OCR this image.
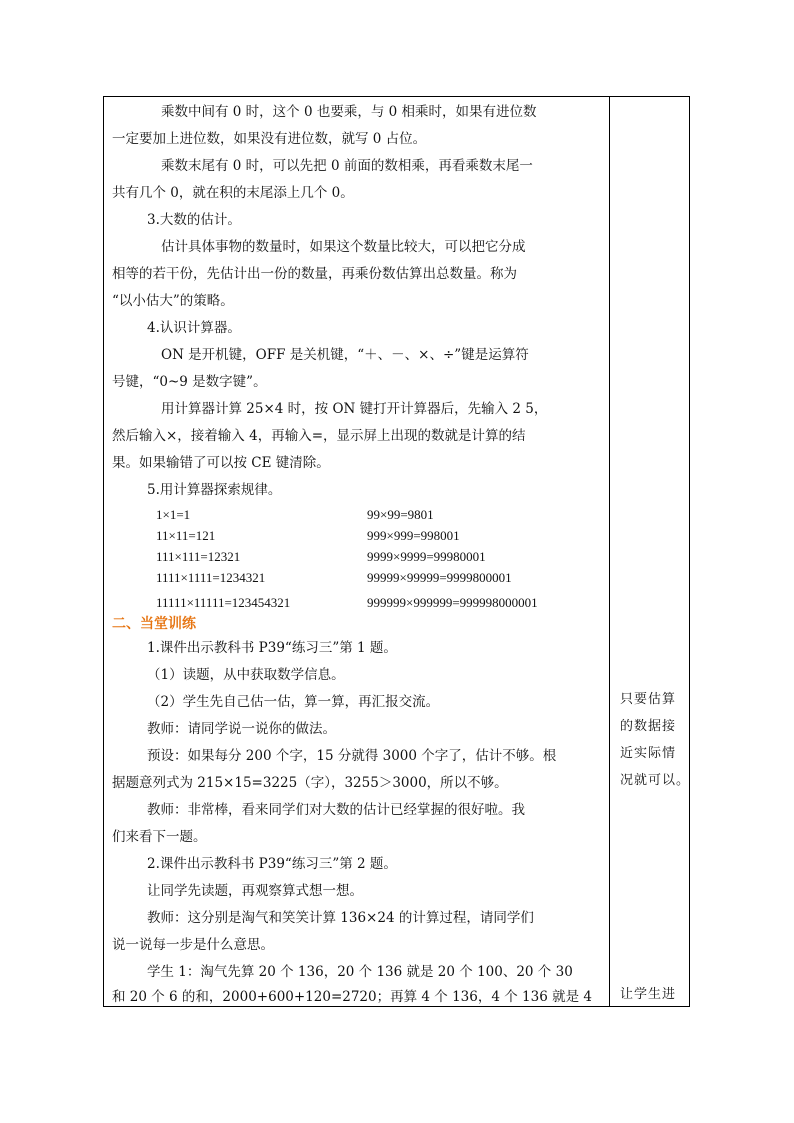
乘数中间有 0 时，这个 0 也要乘，与 0 相乘时，如果有进位数
一定要加上进位数，如果没有进位数，就写 0 占位。
乘数末尾有 0 时，可以先把 0 前面的数相乘，再看乘数末尾一
共有几个 0，就在积的末尾添上几个 0。
3.大数的估计。
估计具体事物的数量时，如果这个数量比较大，可以把它分成
相等的若干份，先估计出一份的数量，再乘份数估算出总数量。称为
“以小估大”的策略。
4.认识计算器。
ON 是开机键，OFF 是关机键，“＋、－、×、÷”键是运算符
号键，“0~9 是数字键”。
用计算器计算 25×4 时，按 ON 键打开计算器后，先输入 2 5，
然后输入×，接着输入 4，再输入=，显示屏上出现的数就是计算的结
果。如果输错了可以按 CE 键清除。
5.用计算器探索规律。
1.课件出示教科书 P39“练习三”第 1 题。
（1）读题，从中获取数学信息。
（2）学生先自己估一估，算一算，再汇报交流。
教师：请同学说一说你的做法。
预设：如果每分 200 个字，15 分就得 3000 个字了，估计不够。根
据题意列式为 215×15=3225（字），3255＞3000，所以不够。
教师：非常棒，看来同学们对大数的估计已经掌握的很好啦。我
们来看下一题。
2.课件出示教科书 P39“练习三”第 2 题。
让同学先读题，再观察算式想一想。
教师：这分别是淘气和笑笑计算 136×24 的计算过程，请同学们
说一说每一步是什么意思。
学生 1：淘气先算 20 个 136，20 个 136 就是 20 个 100、20 个 30
和 20 个 6 的和，2000+600+120=2720；再算 4 个 136，4 个 136 就是 4
1×1=1
11×11=121
111×111=12321
1111×1111=1234321
11111×11111=123454321
99×99=9801
999×999=998001
9999×9999=99980001
99999×99999=9999800001
999999×999999=999998000001
二、当堂训练
只要估算
的数据接
近实际情
况就可以。
让学生进
